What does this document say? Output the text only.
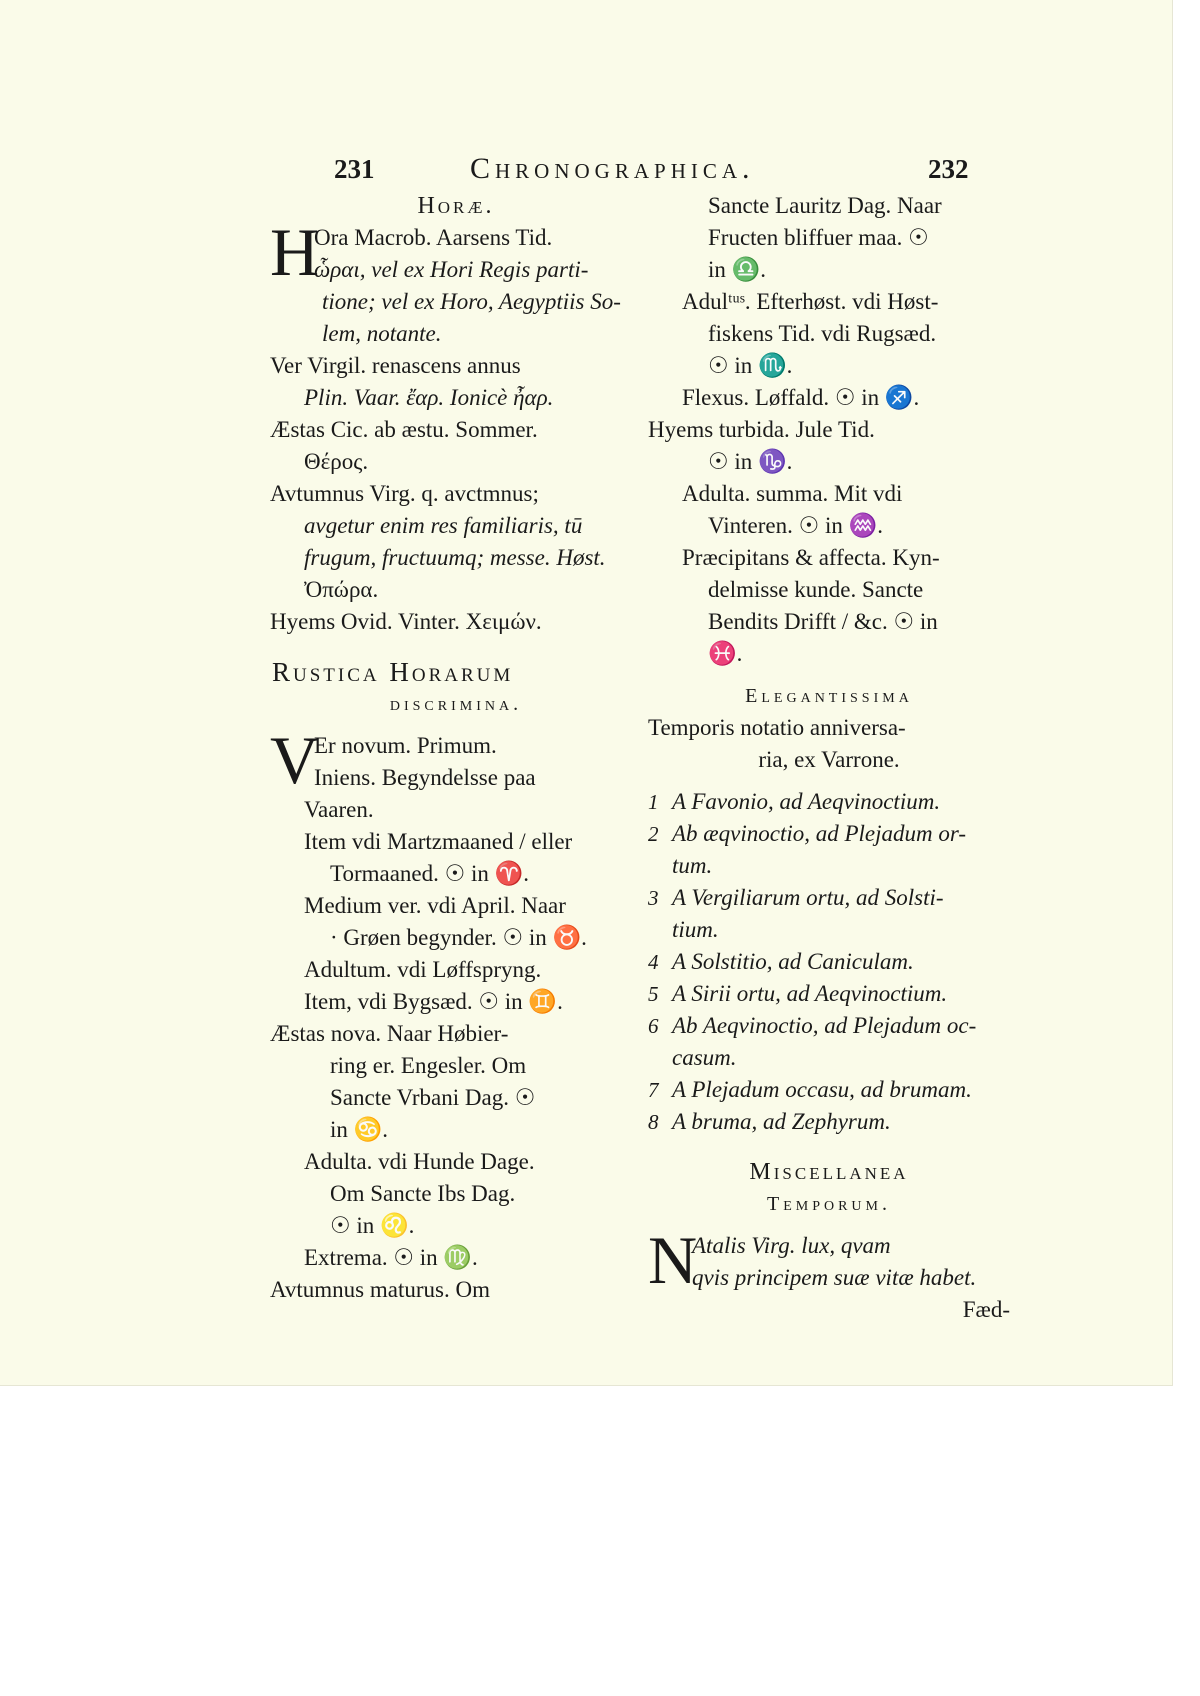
231	Chronographica.	232
Horæ.
H
Ora Macrob. Aarsens Tid.
ὧραι, vel ex Hori Regis parti-
tione; vel ex Horo, Aegyptiis So-
lem, notante.
Ver Virgil. renascens annus
Plin. Vaar. ἔαρ. Ionicè ἦαρ.
Æstas Cic. ab æstu. Sommer.
Θέρος.
Avtumnus Virg. q. avctmnus;
avgetur enim res familiaris, tū
frugum, fructuumq; messe. Høst.
Ὀπώρα.
Hyems Ovid. Vinter. Χειμών.
Rustica Horarum
discrimina.
V
Er novum. Primum.
Iniens. Begyndelsse paa
Vaaren.
Item vdi Martzmaaned / eller
Tormaaned. ☉ in ♈.
Medium ver. vdi April. Naar
· Grøen begynder. ☉ in ♉.
Adultum. vdi Løffspryng.
Item, vdi Bygsæd. ☉ in ♊.
Æstas nova. Naar Høbier-
ring er. Engesler. Om
Sancte Vrbani Dag. ☉
in ♋.
Adulta. vdi Hunde Dage.
Om Sancte Ibs Dag.
☉ in ♌.
Extrema. ☉ in ♍.
Avtumnus maturus. Om
Sancte Lauritz Dag. Naar
Fructen bliffuer maa. ☉
in ♎.
Adulᵗᵘˢ. Efterhøst. vdi Høst-
fiskens Tid. vdi Rugsæd.
☉ in ♏.
Flexus. Løffald. ☉ in ♐.
Hyems turbida. Jule Tid.
☉ in ♑.
Adulta. summa. Mit vdi
Vinteren. ☉ in ♒.
Præcipitans & affecta. Kyn-
delmisse kunde. Sancte
Bendits Drifft / &c. ☉ in
♓.
Elegantissima
Temporis notatio anniversa-
ria, ex Varrone.
1 A Favonio, ad Aeqvinoctium.
2 Ab æqvinoctio, ad Plejadum or-
tum.
3 A Vergiliarum ortu, ad Solsti-
tium.
4 A Solstitio, ad Caniculam.
5 A Sirii ortu, ad Aeqvinoctium.
6 Ab Aeqvinoctio, ad Plejadum oc-
casum.
7 A Plejadum occasu, ad brumam.
8 A bruma, ad Zephyrum.
Miscellanea
Temporum.
N
Atalis Virg. lux, qvam
qvis principem suæ vitæ habet.
Fæd-
